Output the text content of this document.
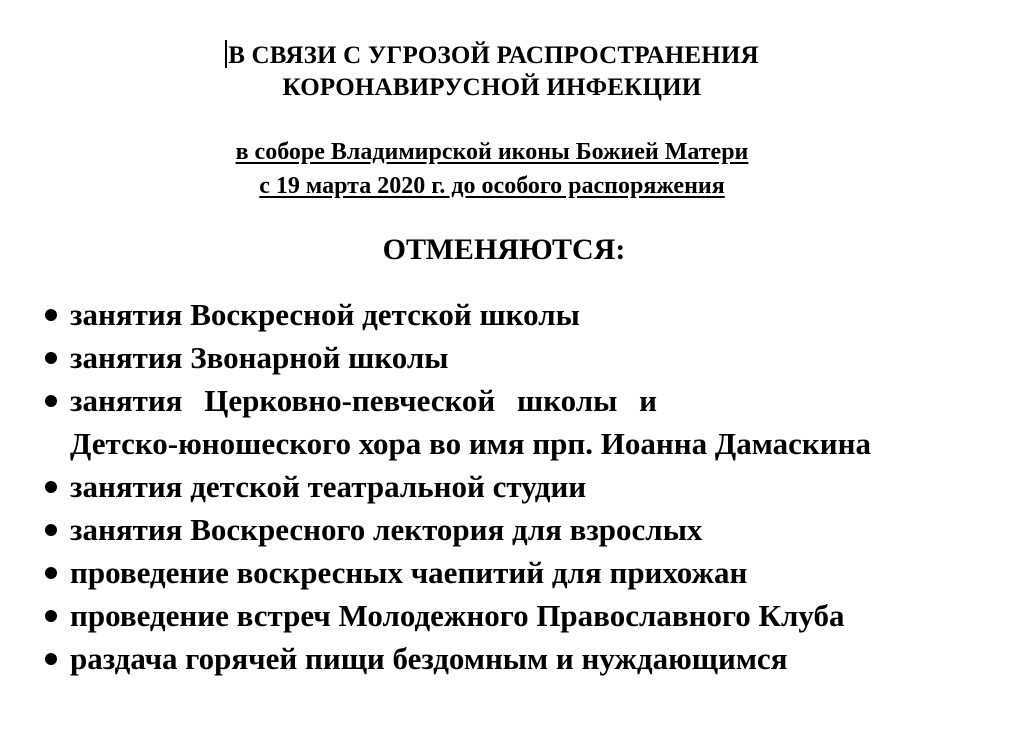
В СВЯЗИ С УГРОЗОЙ РАСПРОСТРАНЕНИЯ
КОРОНАВИРУСНОЙ ИНФЕКЦИИ
в соборе Владимирской иконы Божией Матери
с 19 марта 2020 г. до особого распоряжения
ОТМЕНЯЮТСЯ:
занятия Воскресной детской школы
занятия Звонарной школы
занятия Церковно-певческой школы и
Детско-юношеского хора во имя прп. Иоанна Дамаскина
занятия детской театральной студии
занятия Воскресного лектория для взрослых
проведение воскресных чаепитий для прихожан
проведение встреч Молодежного Православного Клуба
раздача горячей пищи бездомным и нуждающимся
